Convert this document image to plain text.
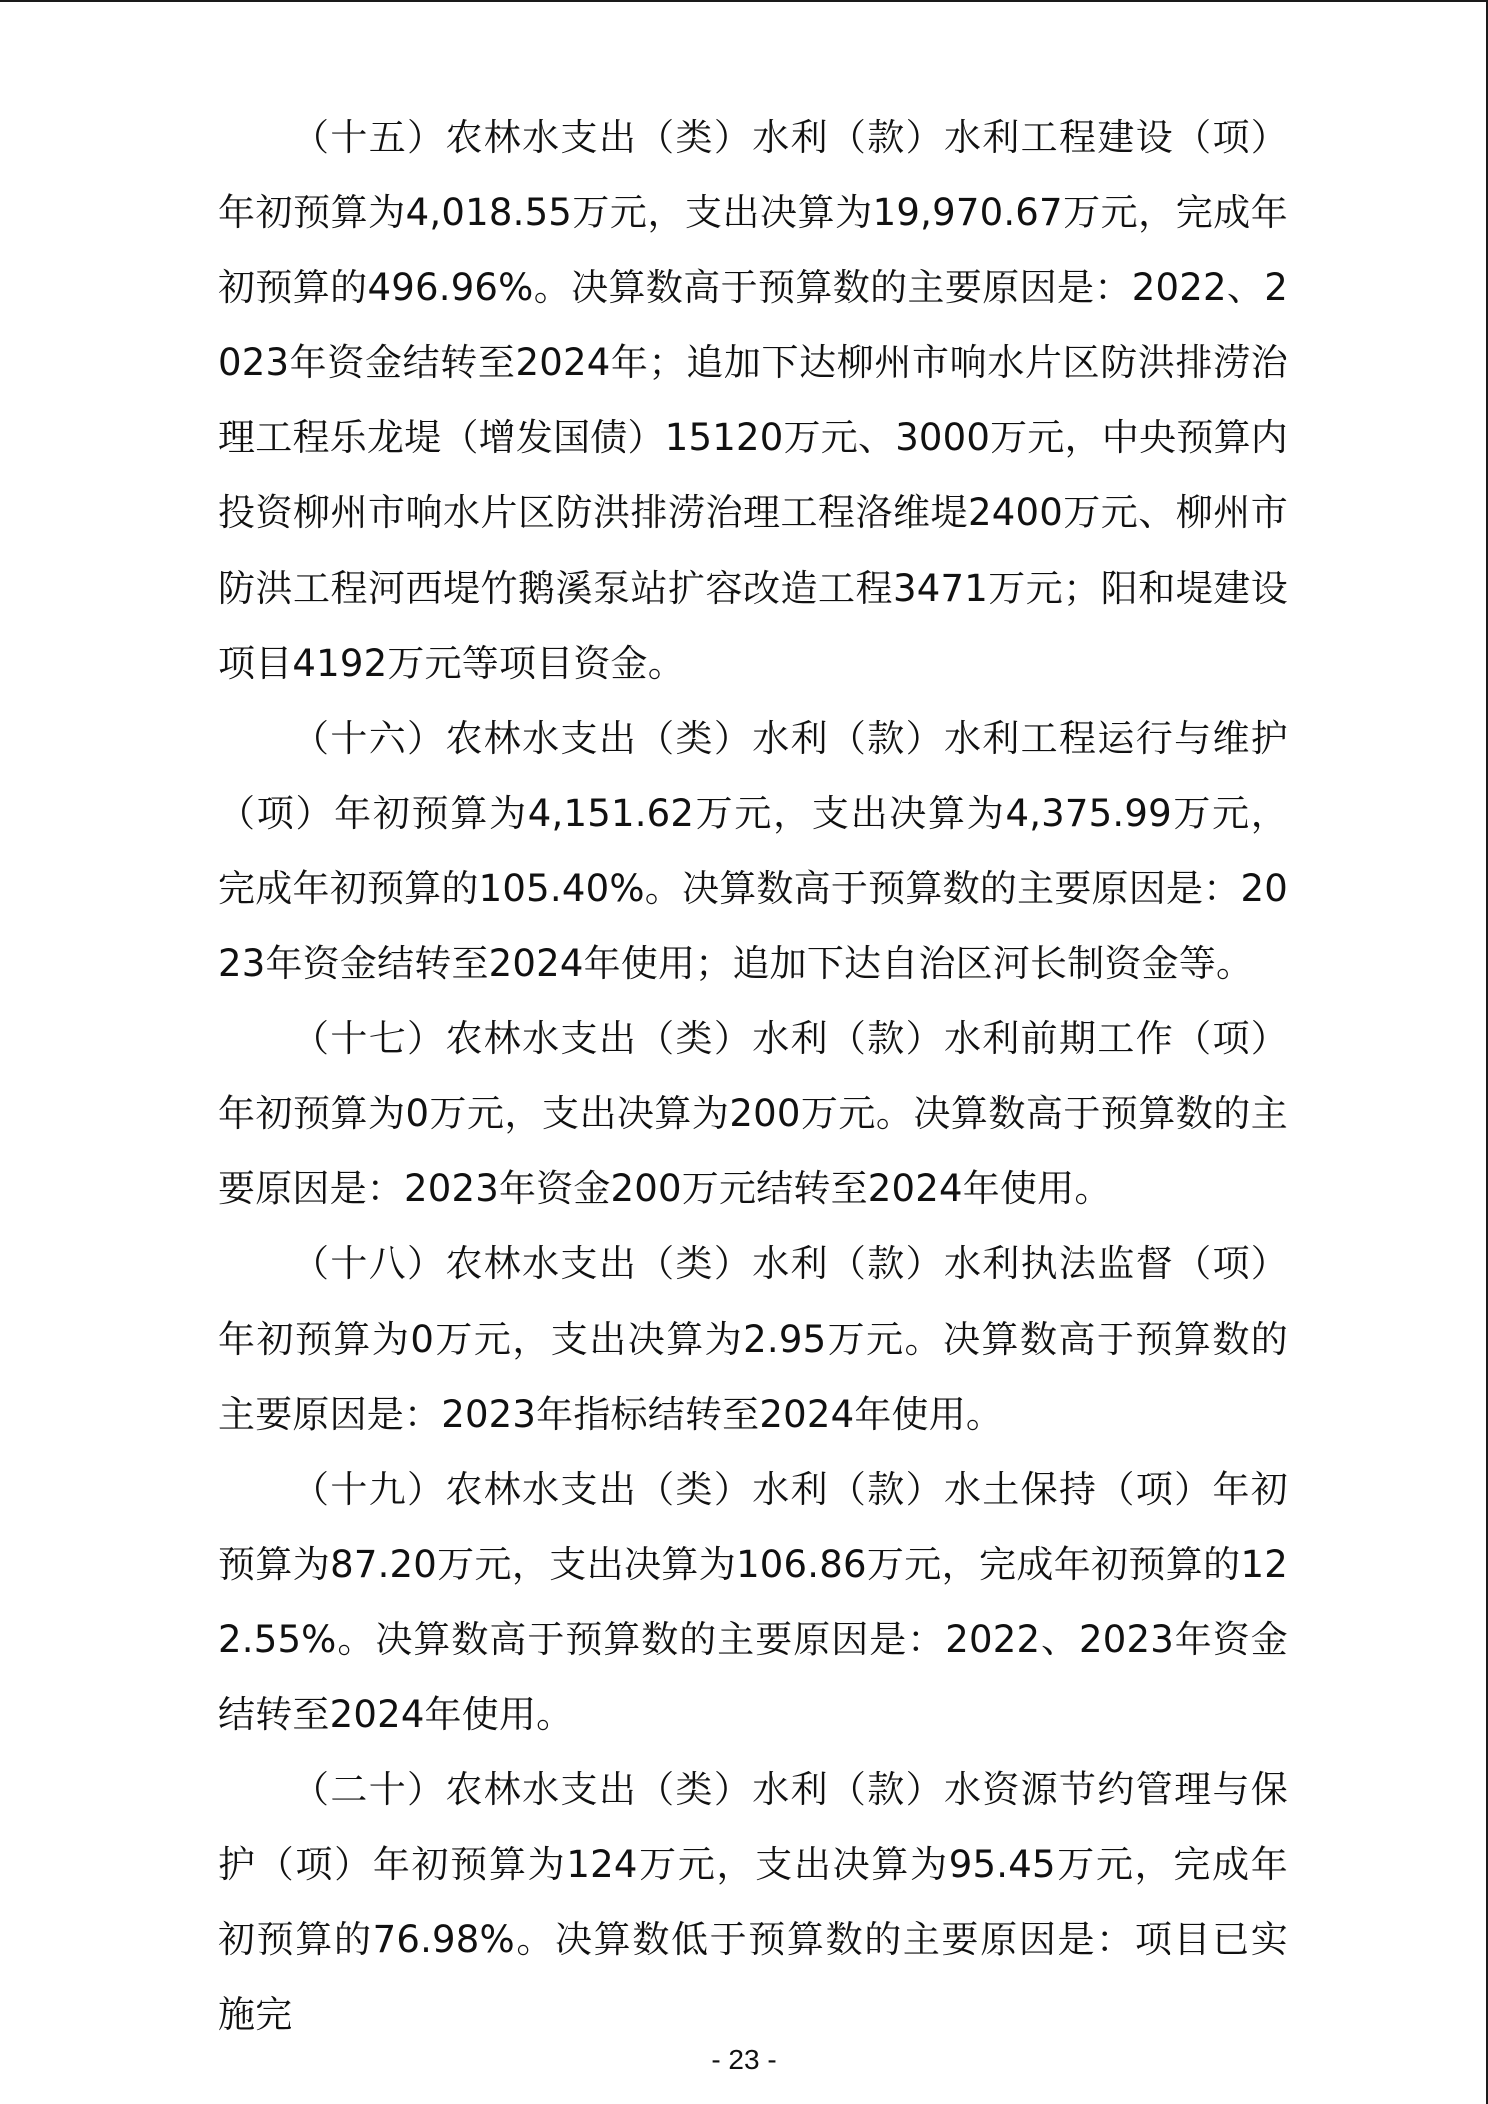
（十五）农林水支出（类）水利（款）水利工程建设（项）年初预算为4,018.55万元，支出决算为19,970.67万元，完成年初预算的496.96%。决算数高于预算数的主要原因是：2022、2023年资金结转至2024年；追加下达柳州市响水片区防洪排涝治理工程乐龙堤（增发国债）15120万元、3000万元，中央预算内投资柳州市响水片区防洪排涝治理工程洛维堤2400万元、柳州市防洪工程河西堤竹鹅溪泵站扩容改造工程3471万元；阳和堤建设项目4192万元等项目资金。

（十六）农林水支出（类）水利（款）水利工程运行与维护（项）年初预算为4,151.62万元，支出决算为4,375.99万元，完成年初预算的105.40%。决算数高于预算数的主要原因是：2023年资金结转至2024年使用；追加下达自治区河长制资金等。

（十七）农林水支出（类）水利（款）水利前期工作（项）年初预算为0万元，支出决算为200万元。决算数高于预算数的主要原因是：2023年资金200万元结转至2024年使用。

（十八）农林水支出（类）水利（款）水利执法监督（项）年初预算为0万元，支出决算为2.95万元。决算数高于预算数的主要原因是：2023年指标结转至2024年使用。

（十九）农林水支出（类）水利（款）水土保持（项）年初预算为87.20万元，支出决算为106.86万元，完成年初预算的122.55%。决算数高于预算数的主要原因是：2022、2023年资金结转至2024年使用。

（二十）农林水支出（类）水利（款）水资源节约管理与保护（项）年初预算为124万元，支出决算为95.45万元，完成年初预算的76.98%。决算数低于预算数的主要原因是：项目已实施完

- 23 -
